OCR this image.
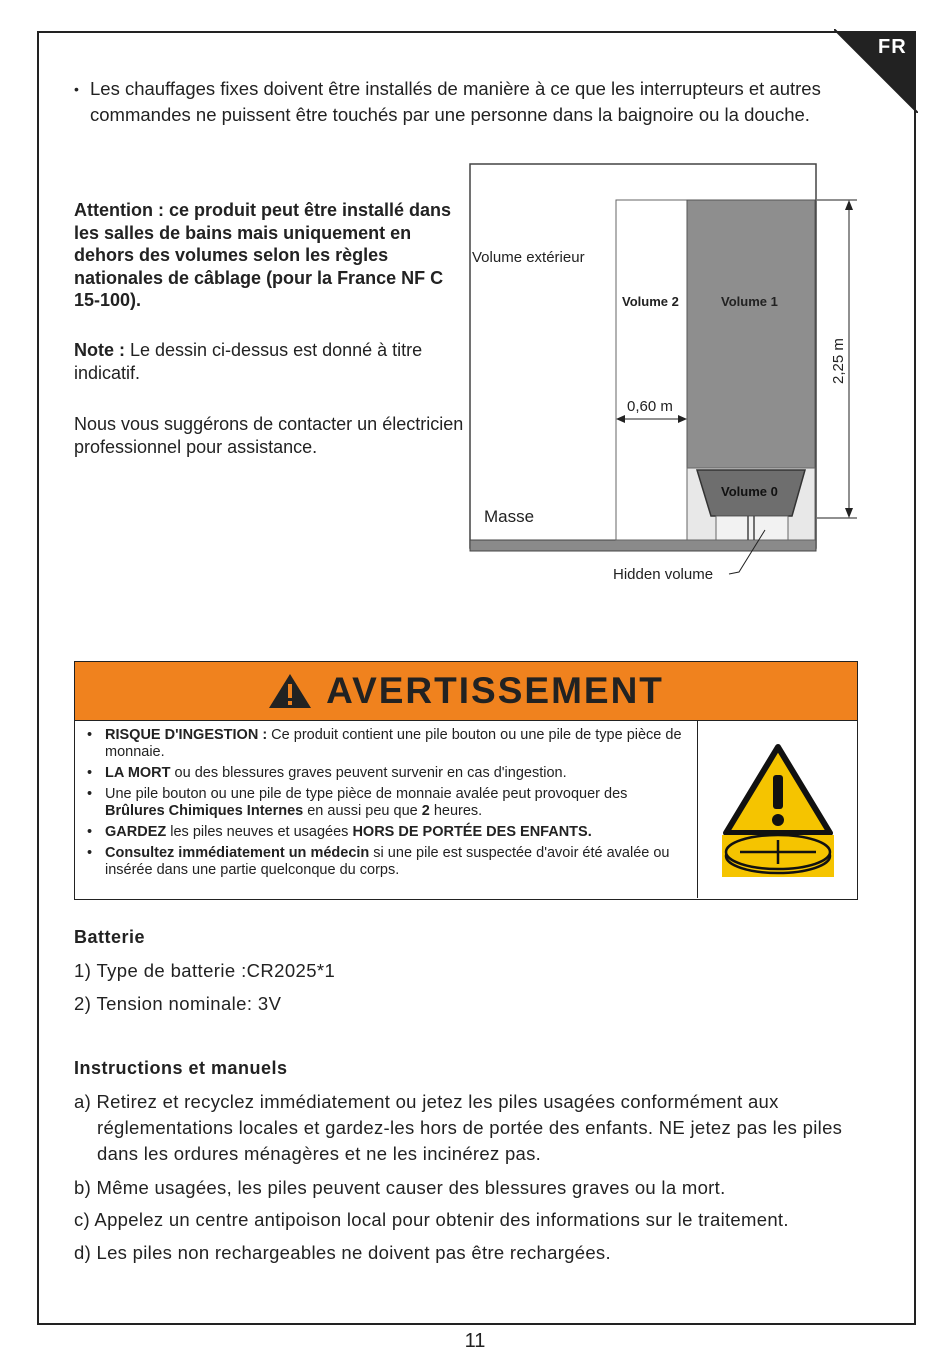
FR

• Les chauffages fixes doivent être installés de manière à ce que les interrupteurs et autres commandes ne puissent être touchés par une personne dans la baignoire ou la douche.

Attention : ce produit peut être installé dans les salles de bains mais uniquement en dehors des volumes selon les règles nationales de câblage (pour la France NF C 15-100).

Note : Le dessin ci-dessus est donné à titre indicatif.

Nous vous suggérons de contacter un électricien professionnel pour assistance.

Volume extérieur
Volume 2	Volume 1
Volume 0
0,60 m
2,25 m
Masse
Hidden volume
AVERTISSEMENT
• RISQUE D'INGESTION : Ce produit contient une pile bouton ou une pile de type pièce de monnaie.
• LA MORT ou des blessures graves peuvent survenir en cas d'ingestion.
• Une pile bouton ou une pile de type pièce de monnaie avalée peut provoquer des Brûlures Chimiques Internes en aussi peu que 2 heures.
• GARDEZ les piles neuves et usagées HORS DE PORTÉE DES ENFANTS.
• Consultez immédiatement un médecin si une pile est suspectée d'avoir été avalée ou insérée dans une partie quelconque du corps.
Batterie
1) Type de batterie :CR2025*1
2) Tension nominale: 3V
Instructions et manuels

a) Retirez et recyclez immédiatement ou jetez les piles usagées conformément aux réglementations locales et gardez-les hors de portée des enfants. NE jetez pas les piles dans les ordures ménagères et ne les incinérez pas.

b) Même usagées, les piles peuvent causer des blessures graves ou la mort.

c) Appelez un centre antipoison local pour obtenir des informations sur le traitement.

d) Les piles non rechargeables ne doivent pas être rechargées.

11
